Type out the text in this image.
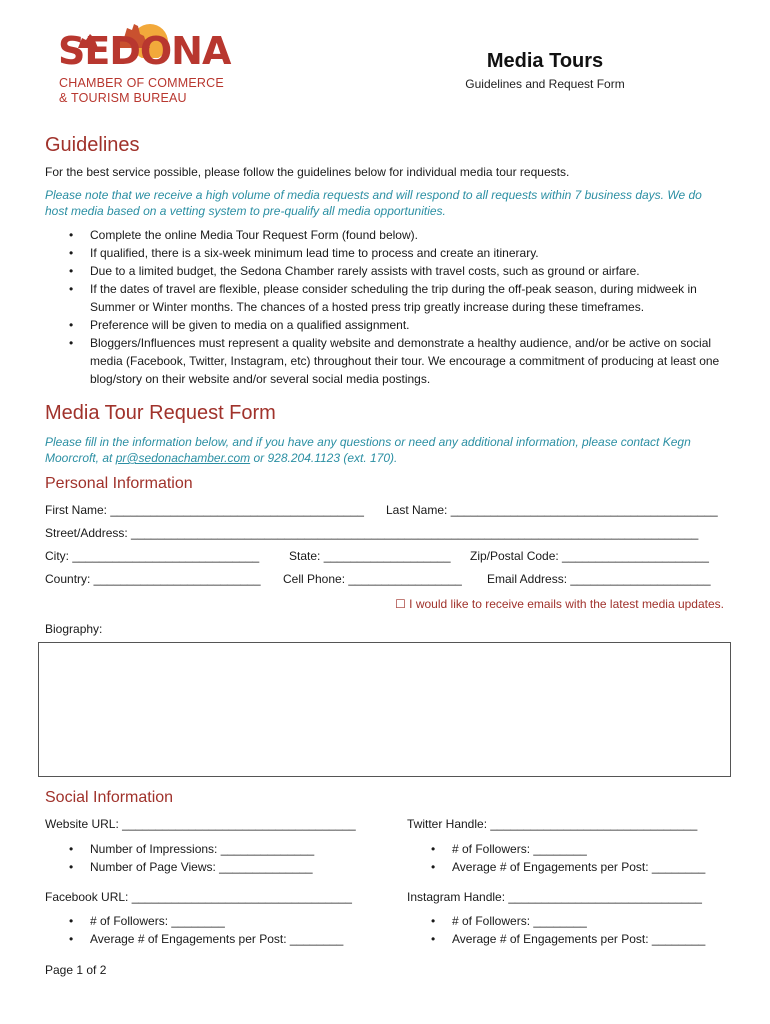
SEDONA
CHAMBER OF COMMERCE
& TOURISM BUREAU
Media Tours
Guidelines and Request Form
Guidelines
For the best service possible, please follow the guidelines below for individual media tour requests.
Please note that we receive a high volume of media requests and will respond to all requests within 7 business days. We do host media based on a vetting system to pre-qualify all media opportunities.
• Complete the online Media Tour Request Form (found below).
• If qualified, there is a six-week minimum lead time to process and create an itinerary.
• Due to a limited budget, the Sedona Chamber rarely assists with travel costs, such as ground or airfare.
• If the dates of travel are flexible, please consider scheduling the trip during the off-peak season, during midweek in Summer or Winter months. The chances of a hosted press trip greatly increase during these timeframes.
• Preference will be given to media on a qualified assignment.
• Bloggers/Influences must represent a quality website and demonstrate a healthy audience, and/or be active on social media (Facebook, Twitter, Instagram, etc) throughout their tour. We encourage a commitment of producing at least one blog/story on their website and/or several social media postings.
Media Tour Request Form
Please fill in the information below, and if you have any questions or need any additional information, please contact Kegn Moorcroft, at pr@sedonachamber.com or 928.204.1123 (ext. 170).
Personal Information
First Name: ______________________________________ Last Name: ________________________________________
Street/Address: _____________________________________________________________________________________
City: ____________________________ State: ___________________ Zip/Postal Code: ______________________
Country: _________________________ Cell Phone: _________________ Email Address: _____________________
☐ I would like to receive emails with the latest media updates.
Biography:
Social Information
Website URL: ___________________________________
• Number of Impressions: ______________
• Number of Page Views: ______________
Twitter Handle: _______________________________
• # of Followers: ________
• Average # of Engagements per Post: ________
Facebook URL: _________________________________
• # of Followers: ________
• Average # of Engagements per Post: ________
Instagram Handle: _____________________________
• # of Followers: ________
• Average # of Engagements per Post: ________
Page 1 of 2
